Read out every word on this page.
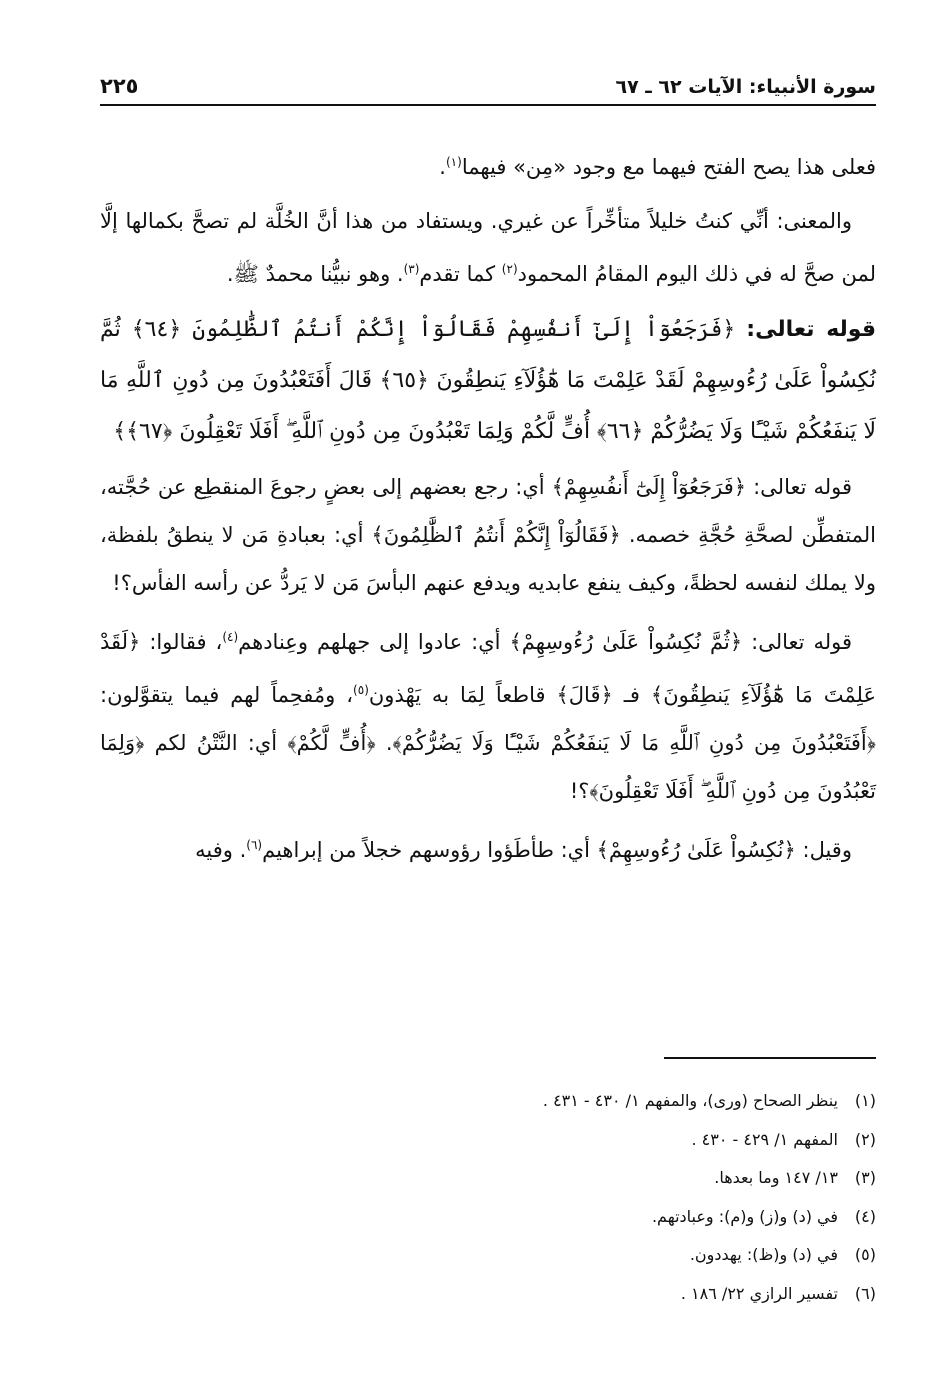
سورة الأنبياء: الآيات ٦٢ ـ ٦٧
٢٢٥

فعلى هذا يصح الفتح فيهما مع وجود «مِن» فيهما$^{(١)}$.

والمعنى: أنِّي كنتُ خليلاً متأخِّراً عن غيري. ويستفاد من هذا أنَّ الخُلَّة لم تصحَّ بكمالها إلَّا لمن صحَّ له في ذلك اليوم المقامُ المحمود$^{(٢)}$ كما تقدم$^{(٣)}$. وهو نبيُّنا محمدٌ ﷺ.

قوله تعالى: ﴿فَرَجَعُوٓاْ إِلَىٰٓ أَنفُسِهِمْ فَقَالُوٓاْ إِنَّكُمْ أَنتُمُ ٱلظَّٰلِمُونَ ﴿٦٤﴾ ثُمَّ نُكِسُواْ عَلَىٰ رُءُوسِهِمْ لَقَدْ عَلِمْتَ مَا هَٰٓؤُلَآءِ يَنطِقُونَ ﴿٦٥﴾ قَالَ أَفَتَعْبُدُونَ مِن دُونِ ٱللَّهِ مَا لَا يَنفَعُكُمْ شَيْـًٔا وَلَا يَضُرُّكُمْ ﴿٦٦﴾ أُفٍّ لَّكُمْ وَلِمَا تَعْبُدُونَ مِن دُونِ ٱللَّهِ ۖ أَفَلَا تَعْقِلُونَ ﴿٦٧﴾﴾

قوله تعالى: ﴿فَرَجَعُوٓاْ إِلَىٰٓ أَنفُسِهِمْ﴾ أي: رجع بعضهم إلى بعضٍ رجوعَ المنقطِع عن حُجَّته، المتفطِّن لصحَّةِ حُجَّةِ خصمه. ﴿فَقَالُوٓاْ إِنَّكُمْ أَنتُمُ ٱلظَّٰلِمُونَ﴾ أي: بعبادةِ مَن لا ينطقُ بلفظة، ولا يملك لنفسه لحظةً، وكيف ينفع عابديه ويدفع عنهم البأسَ مَن لا يَردُّ عن رأسه الفأس؟!

قوله تعالى: ﴿ثُمَّ نُكِسُواْ عَلَىٰ رُءُوسِهِمْ﴾ أي: عادوا إلى جهلهم وعِنادهم$^{(٤)}$، فقالوا: ﴿لَقَدْ عَلِمْتَ مَا هَٰٓؤُلَآءِ يَنطِقُونَ﴾ فـ ﴿قَالَ﴾ قاطعاً لِمَا به يَهْذون$^{(٥)}$، ومُفحِماً لهم فيما يتقوَّلون: ﴿أَفَتَعْبُدُونَ مِن دُونِ ٱللَّهِ مَا لَا يَنفَعُكُمْ شَيْـًٔا وَلَا يَضُرُّكُمْ﴾. ﴿أُفٍّ لَّكُمْ﴾ أي: النَّتْنُ لكم ﴿وَلِمَا تَعْبُدُونَ مِن دُونِ ٱللَّهِ ۖ أَفَلَا تَعْقِلُونَ﴾؟!

وقيل: ﴿نُكِسُواْ عَلَىٰ رُءُوسِهِمْ﴾ أي: طأطَؤوا رؤوسهم خجلاً من إبراهيم$^{(٦)}$. وفيه

(١)
ينظر الصحاح (ورى)، والمفهم ١/ ٤٣٠ - ٤٣١ .
(٢)
المفهم ١/ ٤٢٩ - ٤٣٠ .
(٣)
١٣/ ١٤٧ وما بعدها.
(٤)
في (د) و(ز) و(م): وعبادتهم.
(٥)
في (د) و(ظ): يهددون.
(٦)
تفسير الرازي ٢٢/ ١٨٦ .
